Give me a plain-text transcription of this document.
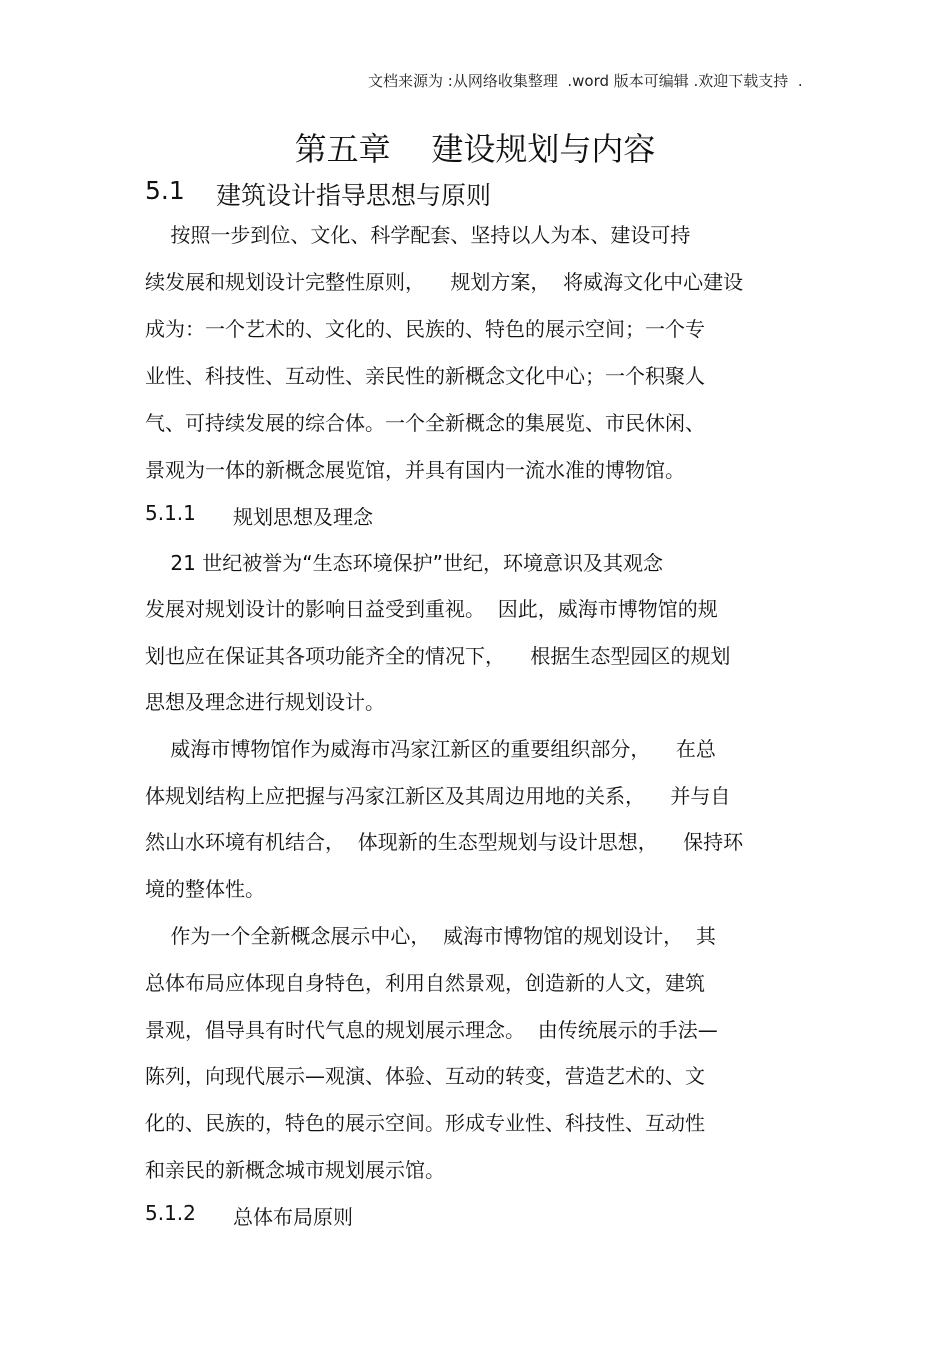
文档来源为 :从网络收集整理  .word 版本可编辑 .欢迎下载支持  .
第五章    建设规划与内容
5.1 建筑设计指导思想与原则
按照一步到位、文化、科学配套、坚持以人为本、建设可持
续发展和规划设计完整性原则，    规划方案，  将威海文化中心建设
成为：一个艺术的、文化的、民族的、特色的展示空间；一个专
业性、科技性、互动性、亲民性的新概念文化中心；一个积聚人
气、可持续发展的综合体。一个全新概念的集展览、市民休闲、
景观为一体的新概念展览馆，并具有国内一流水准的博物馆。
5.1.1 规划思想及理念
21 世纪被誉为“生态环境保护”世纪，环境意识及其观念
发展对规划设计的影响日益受到重视。  因此，威海市博物馆的规
划也应在保证其各项功能齐全的情况下，    根据生态型园区的规划
思想及理念进行规划设计。
威海市博物馆作为威海市冯家江新区的重要组织部分，    在总
体规划结构上应把握与冯家江新区及其周边用地的关系，    并与自
然山水环境有机结合，  体现新的生态型规划与设计思想，    保持环
境的整体性。
作为一个全新概念展示中心，  威海市博物馆的规划设计，  其
总体布局应体现自身特色，利用自然景观，创造新的人文，建筑
景观，倡导具有时代气息的规划展示理念。  由传统展示的手法—
陈列，向现代展示—观演、体验、互动的转变，营造艺术的、文
化的、民族的，特色的展示空间。形成专业性、科技性、互动性
和亲民的新概念城市规划展示馆。
5.1.2 总体布局原则
